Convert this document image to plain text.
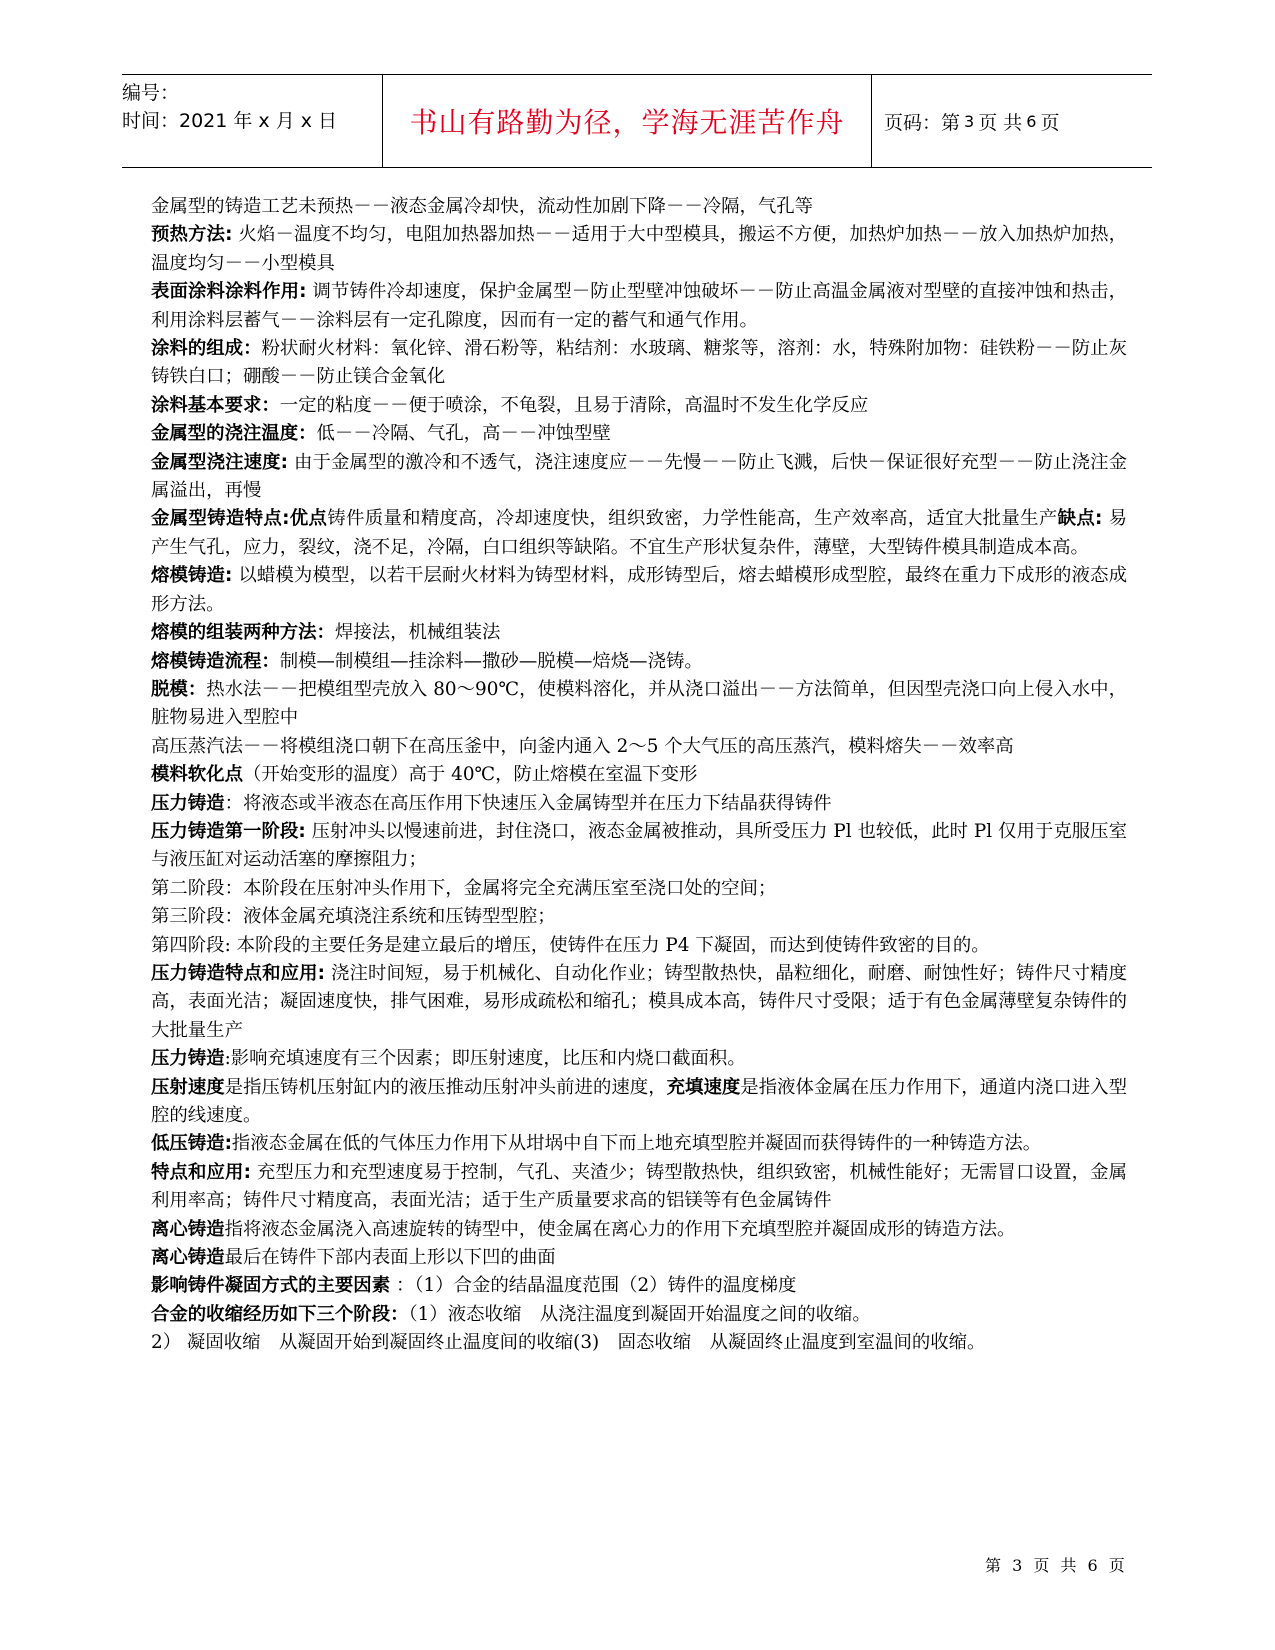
编号：
时间：2021 年 x 月 x 日	书山有路勤为径，学海无涯苦作舟 页码：第 3 页 共 6 页

金属型的铸造工艺未预热－－液态金属冷却快，流动性加剧下降－－冷隔，气孔等

预热方法: 火焰－温度不均匀，电阻加热器加热－－适用于大中型模具，搬运不方便，加热炉加热－－放入加热炉加热，温度均匀－－小型模具

表面涂料涂料作用: 调节铸件冷却速度，保护金属型－防止型壁冲蚀破坏－－防止高温金属液对型壁的直接冲蚀和热击，利用涂料层蓄气－－涂料层有一定孔隙度，因而有一定的蓄气和通气作用。

涂料的组成：粉状耐火材料：氧化锌、滑石粉等，粘结剂：水玻璃、糖浆等，溶剂：水，特殊附加物：硅铁粉－－防止灰铸铁白口；硼酸－－防止镁合金氧化

涂料基本要求：一定的粘度－－便于喷涂，不龟裂，且易于清除，高温时不发生化学反应

金属型的浇注温度：低－－冷隔、气孔，高－－冲蚀型壁

金属型浇注速度: 由于金属型的激冷和不透气，浇注速度应－－先慢－－防止飞溅，后快－保证很好充型－－防止浇注金属溢出，再慢

金属型铸造特点:优点铸件质量和精度高，冷却速度快，组织致密，力学性能高，生产效率高，适宜大批量生产缺点: 易产生气孔，应力，裂纹，浇不足，冷隔，白口组织等缺陷。不宜生产形状复杂件，薄壁，大型铸件模具制造成本高。

熔模铸造: 以蜡模为模型，以若干层耐火材料为铸型材料，成形铸型后，熔去蜡模形成型腔，最终在重力下成形的液态成形方法。

熔模的组装两种方法：焊接法，机械组装法

熔模铸造流程：制模—制模组—挂涂料—撒砂—脱模—焙烧—浇铸。

脱模：热水法－－把模组型壳放入 80～90℃，使模料溶化，并从浇口溢出－－方法简单，但因型壳浇口向上侵入水中，脏物易进入型腔中

高压蒸汽法－－将模组浇口朝下在高压釜中，向釜内通入 2～5 个大气压的高压蒸汽，模料熔失－－效率高

模料软化点（开始变形的温度）高于 40℃，防止熔模在室温下变形

压力铸造：将液态或半液态在高压作用下快速压入金属铸型并在压力下结晶获得铸件

压力铸造第一阶段: 压射冲头以慢速前进，封住浇口，液态金属被推动，具所受压力 Pl 也较低，此时 Pl 仅用于克服压室与液压缸对运动活塞的摩擦阻力；

第二阶段：本阶段在压射冲头作用下，金属将完全充满压室至浇口处的空间；

第三阶段：液体金属充填浇注系统和压铸型型腔；

第四阶段: 本阶段的主要任务是建立最后的增压，使铸件在压力 P4 下凝固，而达到使铸件致密的目的。

压力铸造特点和应用: 浇注时间短，易于机械化、自动化作业；铸型散热快，晶粒细化，耐磨、耐蚀性好；铸件尺寸精度高，表面光洁；凝固速度快，排气困难，易形成疏松和缩孔；模具成本高，铸件尺寸受限；适于有色金属薄壁复杂铸件的大批量生产

压力铸造:影响充填速度有三个因素；即压射速度，比压和内烧口截面积。

压射速度是指压铸机压射缸内的液压推动压射冲头前进的速度，充填速度是指液体金属在压力作用下，通道内浇口进入型腔的线速度。

低压铸造:指液态金属在低的气体压力作用下从坩埚中自下而上地充填型腔并凝固而获得铸件的一种铸造方法。

特点和应用: 充型压力和充型速度易于控制，气孔、夹渣少；铸型散热快，组织致密，机械性能好；无需冒口设置，金属利用率高；铸件尺寸精度高，表面光洁；适于生产质量要求高的铝镁等有色金属铸件

离心铸造指将液态金属浇入高速旋转的铸型中，使金属在离心力的作用下充填型腔并凝固成形的铸造方法。

离心铸造最后在铸件下部内表面上形以下凹的曲面

影响铸件凝固方式的主要因素 ：（1）合金的结晶温度范围（2）铸件的温度梯度

合金的收缩经历如下三个阶段：（1）液态收缩　从浇注温度到凝固开始温度之间的收缩。

2） 凝固收缩　从凝固开始到凝固终止温度间的收缩(3)　固态收缩　从凝固终止温度到室温间的收缩。

第 3 页 共 6 页
